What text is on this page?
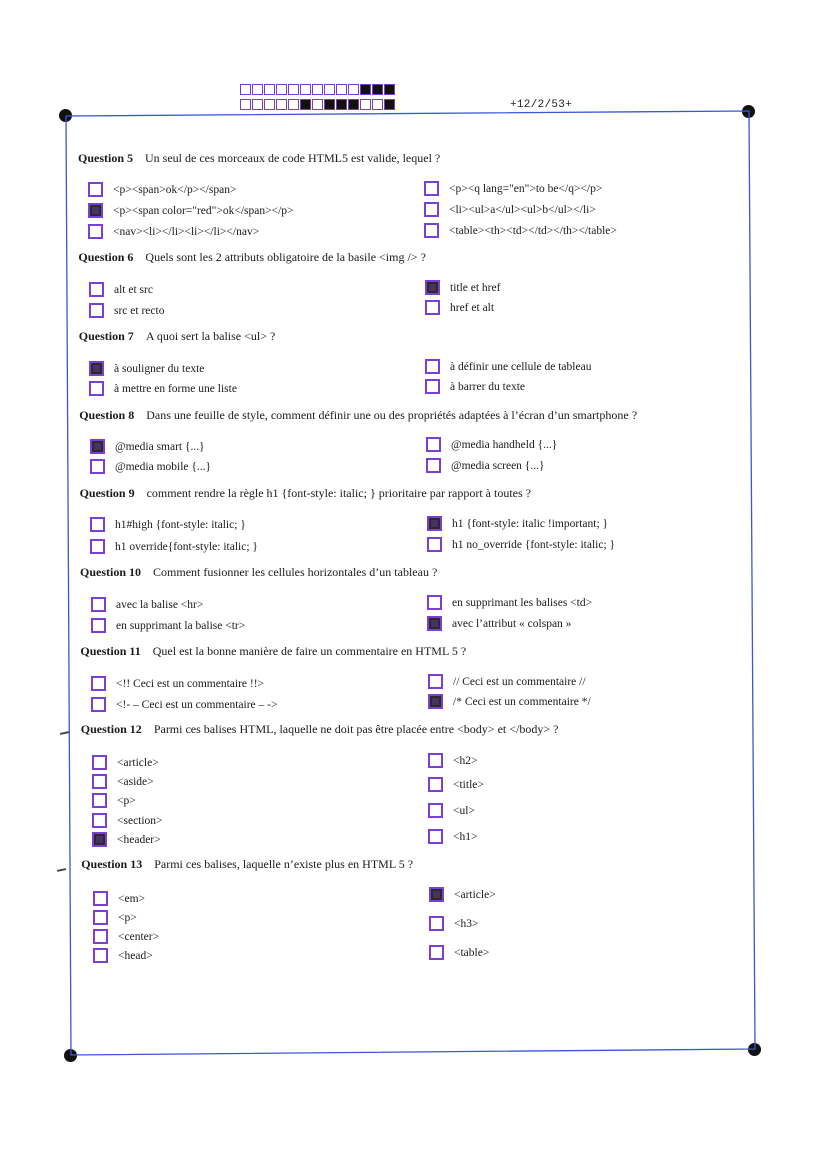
+12/2/53+
Question 5 Un seul de ces morceaux de code HTML5 est valide, lequel ?
<p><span>ok</p></span>
<p><span color="red">ok</span></p>
<nav><li></li><li></li></nav>
<p><q lang="en">to be</q></p>
<li><ul>a</ul><ul>b</ul></li>
<table><th><td></td></th></table>
Question 6 Quels sont les 2 attributs obligatoire de la basile <img /> ?
alt et src
src et recto
title et href
href et alt
Question 7 A quoi sert la balise <ul> ?
à souligner du texte
à mettre en forme une liste
à définir une cellule de tableau
à barrer du texte
Question 8 Dans une feuille de style, comment définir une ou des propriétés adaptées à l’écran d’un smartphone ?
@media smart {...}
@media mobile {...}
@media handheld {...}
@media screen {...}
Question 9 comment rendre la règle h1 {font-style: italic; } prioritaire par rapport à toutes ?
h1#high {font-style: italic; }
h1 override{font-style: italic; }
h1 {font-style: italic !important; }
h1 no_override {font-style: italic; }
Question 10 Comment fusionner les cellules horizontales d’un tableau ?
avec la balise <hr>
en supprimant la balise <tr>
en supprimant les balises <td>
avec l’attribut « colspan »
Question 11 Quel est la bonne manière de faire un commentaire en HTML 5 ?
<!! Ceci est un commentaire !!>
<!- – Ceci est un commentaire – ->
// Ceci est un commentaire //
/* Ceci est un commentaire */
Question 12 Parmi ces balises HTML, laquelle ne doit pas être placée entre <body> et </body> ?
<article>
<aside>
<p>
<section>
<header>
<h2>
<title>
<ul>
<h1>
Question 13 Parmi ces balises, laquelle n’existe plus en HTML 5 ?
<em>
<p>
<center>
<head>
<article>
<h3>
<table>
